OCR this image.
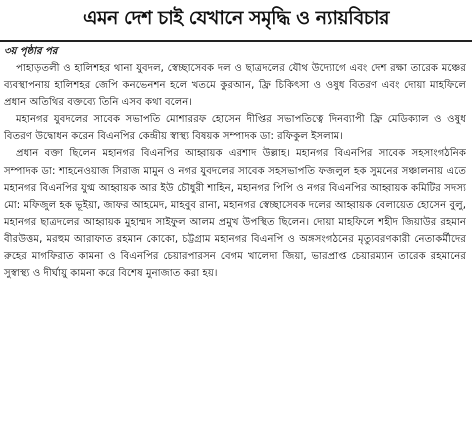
এমন দেশ চাই যেখানে সমৃদ্ধি ও ন্যায়বিচার
৩য় পৃষ্ঠার পর

পাহাড়তলী ও হালিশহর থানা যুবদল, স্বেচ্ছাসেবক দল ও ছাত্রদলের যৌথ উদ্যোগে এবং দেশ রক্ষা তারেক মঞ্চের ব্যবস্থাপনায় হালিশহর জেপি কনভেনশন হলে খতমে কুরআন, ফ্রি চিকিৎসা ও ওষুধ বিতরণ এবং দোয়া মাহফিলে প্রধান অতিথির বক্তব্যে তিনি এসব কথা বলেন।

মহানগর যুবদলের সাবেক সভাপতি মোশাররফ হোসেন দীপ্তির সভাপতিত্বে দিনব্যাপী ফ্রি মেডিক্যাল ও ওষুধ বিতরণ উদ্বোধন করেন বিএনপির কেন্দ্রীয় স্বাস্থ্য বিষয়ক সম্পাদক ডা: রফিকুল ইসলাম।

প্রধান বক্তা ছিলেন মহানগর বিএনপির আহ্বায়ক এরশাদ উল্লাহ। মহানগর বিএনপির সাবেক সহসাংগঠনিক সম্পাদক ডা: শাহনেওয়াজ সিরাজ মামুন ও নগর যুবদলের সাবেক সহসভাপতি ফজলুল হক সুমনের সঞ্চালনায় এতে মহানগর বিএনপির যুগ্ম আহ্বায়ক আর ইউ চৌধুরী শাহিন, মহানগর পিপি ও নগর বিএনপির আহ্বায়ক কমিটির সদস্য মো: মফিজুল হক ভূইয়া, জাফর আহমেদ, মাহবুব রানা, মহানগর স্বেচ্ছাসেবক দলের আহ্বায়ক বেলায়েত হোসেন বুলু, মহানগর ছাত্রদলের আহ্বায়ক মুহাম্মদ সাইফুল আলম প্রমুখ উপস্থিত ছিলেন। দোয়া মাহফিলে শহীদ জিয়াউর রহমান বীরউত্তম, মরহুম আরাফাত রহমান কোকো, চট্টগ্রাম মহানগর বিএনপি ও অঙ্গসংগঠনের মৃত্যুবরণকারী নেতাকর্মীদের রুহের মাগফিরাত কামনা ও বিএনপির চেয়ারপারসন বেগম খালেদা জিয়া, ভারপ্রাপ্ত চেয়ারম্যান তারেক রহমানের সুস্বাস্থ্য ও দীর্ঘায়ু কামনা করে বিশেষ মুনাজাত করা হয়।
